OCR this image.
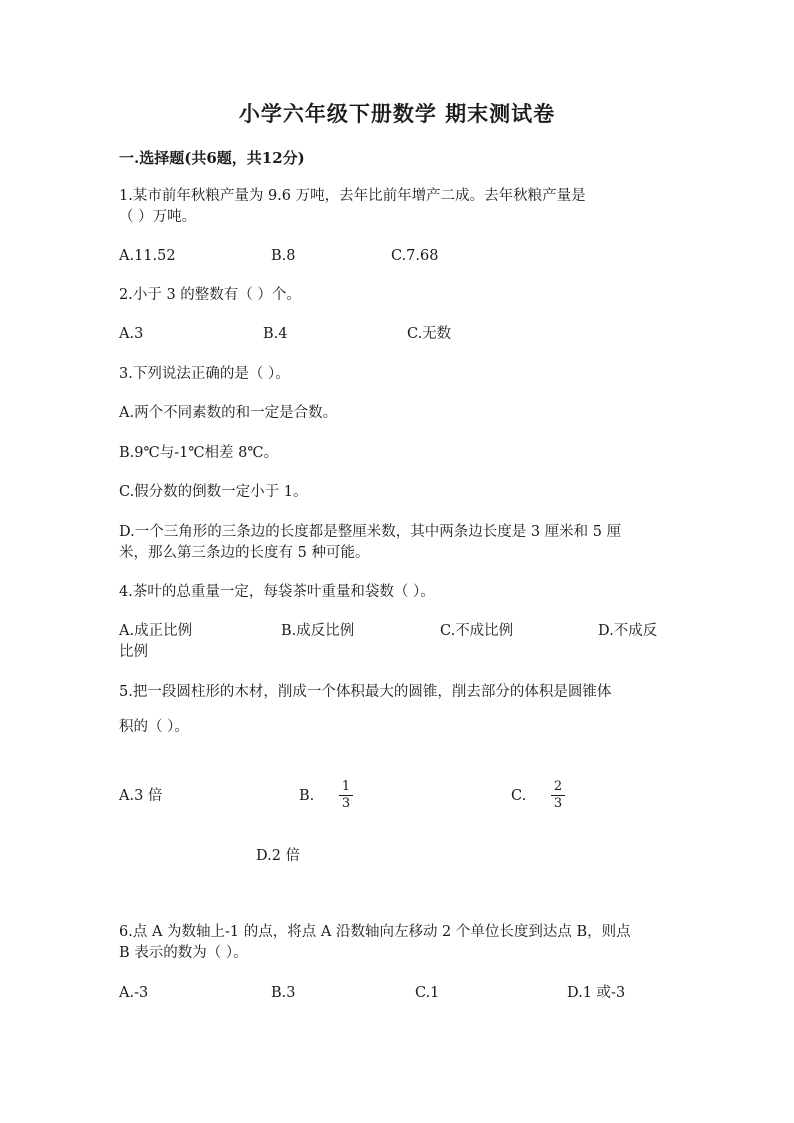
小学六年级下册数学 期末测试卷
一.选择题(共6题，共12分)
1.某市前年秋粮产量为 9.6 万吨，去年比前年增产二成。去年秋粮产量是
（ ）万吨。
A.11.52	B.8	C.7.68
2.小于 3 的整数有（ ）个。
A.3	B.4	C.无数
3.下列说法正确的是（ ）。
A.两个不同素数的和一定是合数。
B.9℃与-1℃相差 8℃。
C.假分数的倒数一定小于 1。
D.一个三角形的三条边的长度都是整厘米数，其中两条边长度是 3 厘米和 5 厘
米，那么第三条边的长度有 5 种可能。
4.茶叶的总重量一定，每袋茶叶重量和袋数（ ）。
A.成正比例	B.成反比例	C.不成比例	D.不成反
比例
5.把一段圆柱形的木材，削成一个体积最大的圆锥，削去部分的体积是圆锥体
积的（ ）。
A.3 倍	B.
1
3	C.
2
3
D.2 倍
6.点 A 为数轴上-1 的点，将点 A 沿数轴向左移动 2 个单位长度到达点 B，则点
B 表示的数为（ ）。
A.-3	B.3	C.1	D.1 或-3
